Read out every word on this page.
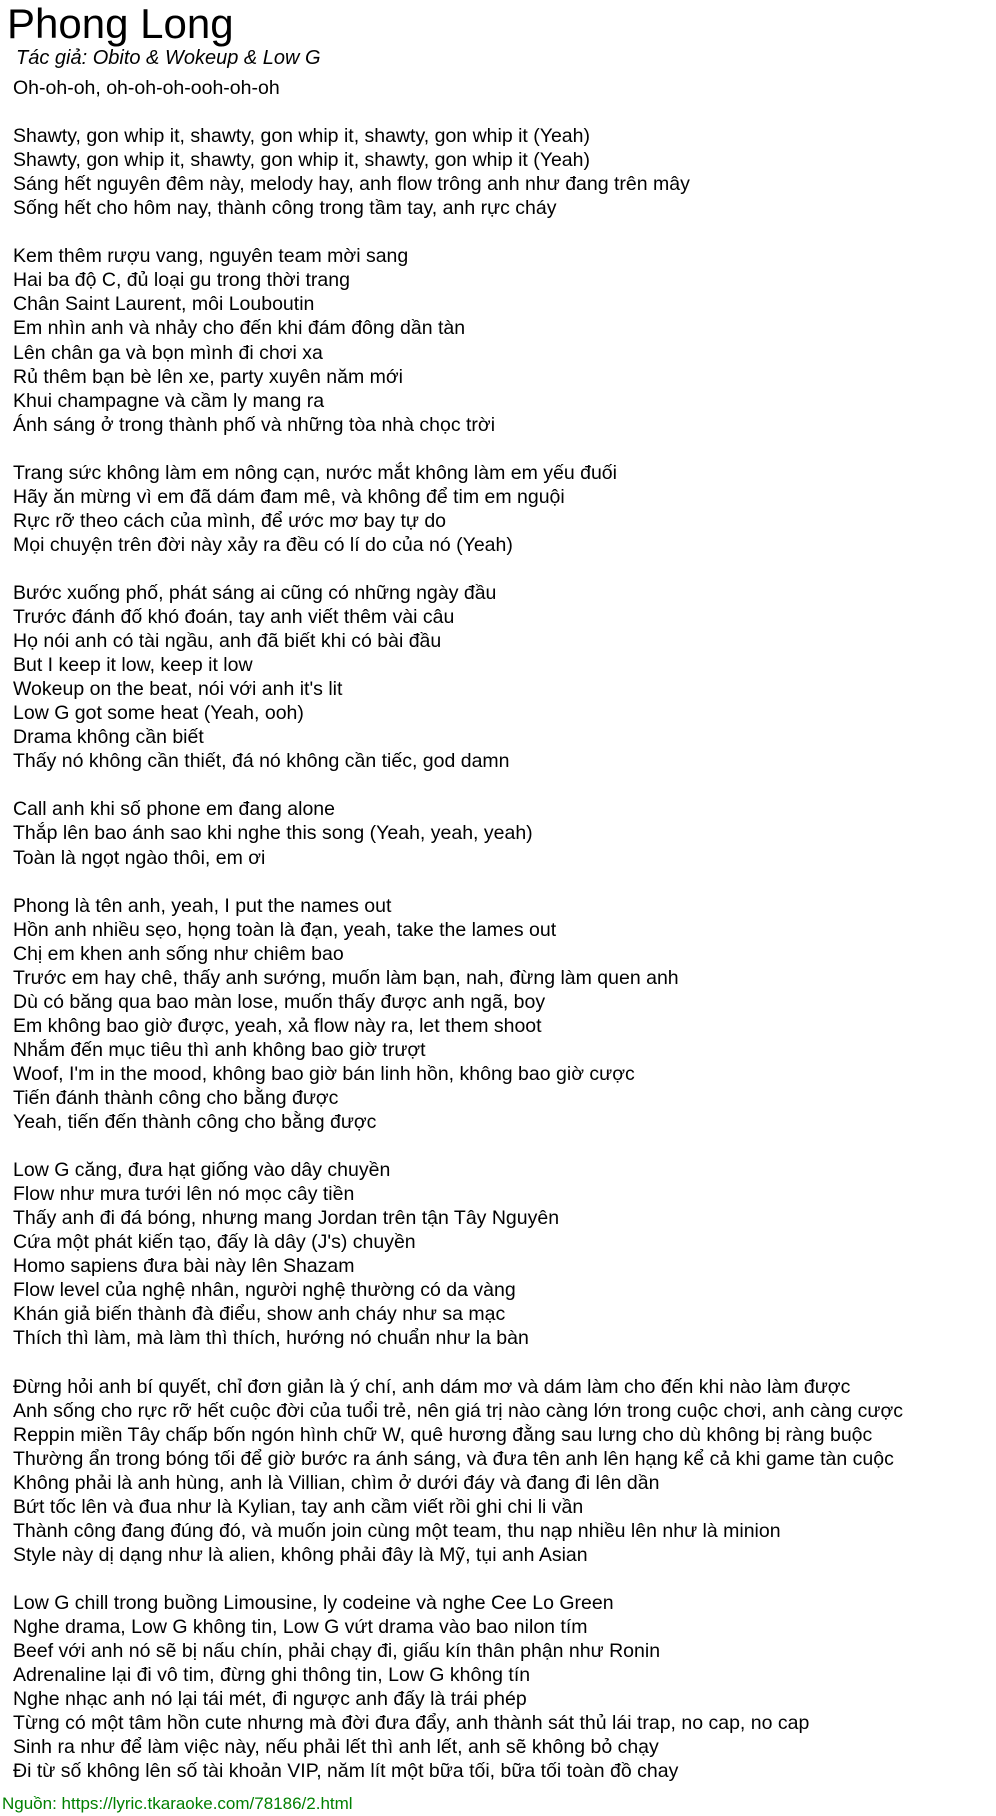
Phong Long
Tác giả: Obito & Wokeup & Low G
Oh-oh-oh, oh-oh-oh-ooh-oh-oh

Shawty, gon whip it, shawty, gon whip it, shawty, gon whip it (Yeah)
Shawty, gon whip it, shawty, gon whip it, shawty, gon whip it (Yeah)
Sáng hết nguyên đêm này, melody hay, anh flow trông anh như đang trên mây
Sống hết cho hôm nay, thành công trong tầm tay, anh rực cháy

Kem thêm rượu vang, nguyên team mời sang
Hai ba độ C, đủ loại gu trong thời trang
Chân Saint Laurent, môi Louboutin
Em nhìn anh và nhảy cho đến khi đám đông dần tàn
Lên chân ga và bọn mình đi chơi xa
Rủ thêm bạn bè lên xe, party xuyên năm mới
Khui champagne và cầm ly mang ra
Ánh sáng ở trong thành phố và những tòa nhà chọc trời

Trang sức không làm em nông cạn, nước mắt không làm em yếu đuối
Hãy ăn mừng vì em đã dám đam mê, và không để tim em nguội
Rực rỡ theo cách của mình, để ước mơ bay tự do
Mọi chuyện trên đời này xảy ra đều có lí do của nó (Yeah)

Bước xuống phố, phát sáng ai cũng có những ngày đầu
Trước đánh đố khó đoán, tay anh viết thêm vài câu
Họ nói anh có tài ngầu, anh đã biết khi có bài đầu
But I keep it low, keep it low
Wokeup on the beat, nói với anh it's lit
Low G got some heat (Yeah, ooh)
Drama không cần biết
Thấy nó không cần thiết, đá nó không cần tiếc, god damn

Call anh khi số phone em đang alone
Thắp lên bao ánh sao khi nghe this song (Yeah, yeah, yeah)
Toàn là ngọt ngào thôi, em ơi

Phong là tên anh, yeah, I put the names out
Hồn anh nhiều sẹo, họng toàn là đạn, yeah, take the lames out
Chị em khen anh sống như chiêm bao
Trước em hay chê, thấy anh sướng, muốn làm bạn, nah, đừng làm quen anh
Dù có băng qua bao màn lose, muốn thấy được anh ngã, boy
Em không bao giờ được, yeah, xả flow này ra, let them shoot
Nhắm đến mục tiêu thì anh không bao giờ trượt
Woof, I'm in the mood, không bao giờ bán linh hồn, không bao giờ cược
Tiến đánh thành công cho bằng được
Yeah, tiến đến thành công cho bằng được

Low G căng, đưa hạt giống vào dây chuyền
Flow như mưa tưới lên nó mọc cây tiền
Thấy anh đi đá bóng, nhưng mang Jordan trên tận Tây Nguyên
Cứa một phát kiến tạo, đấy là dây (J's) chuyền
Homo sapiens đưa bài này lên Shazam
Flow level của nghệ nhân, người nghệ thường có da vàng
Khán giả biến thành đà điểu, show anh cháy như sa mạc
Thích thì làm, mà làm thì thích, hướng nó chuẩn như la bàn

Đừng hỏi anh bí quyết, chỉ đơn giản là ý chí, anh dám mơ và dám làm cho đến khi nào làm được
Anh sống cho rực rỡ hết cuộc đời của tuổi trẻ, nên giá trị nào càng lớn trong cuộc chơi, anh càng cược
Reppin miền Tây chấp bốn ngón hình chữ W, quê hương đằng sau lưng cho dù không bị ràng buộc
Thường ẩn trong bóng tối để giờ bước ra ánh sáng, và đưa tên anh lên hạng kể cả khi game tàn cuộc
Không phải là anh hùng, anh là Villian, chìm ở dưới đáy và đang đi lên dần
Bứt tốc lên và đua như là Kylian, tay anh cầm viết rồi ghi chi li vần
Thành công đang đúng đó, và muốn join cùng một team, thu nạp nhiều lên như là minion
Style này dị dạng như là alien, không phải đây là Mỹ, tụi anh Asian

Low G chill trong buồng Limousine, ly codeine và nghe Cee Lo Green
Nghe drama, Low G không tin, Low G vứt drama vào bao nilon tím
Beef với anh nó sẽ bị nấu chín, phải chạy đi, giấu kín thân phận như Ronin
Adrenaline lại đi vô tim, đừng ghi thông tin, Low G không tín
Nghe nhạc anh nó lại tái mét, đi ngược anh đấy là trái phép
Từng có một tâm hồn cute nhưng mà đời đưa đẩy, anh thành sát thủ lái trap, no cap, no cap
Sinh ra như để làm việc này, nếu phải lết thì anh lết, anh sẽ không bỏ chạy
Đi từ số không lên số tài khoản VIP, năm lít một bữa tối, bữa tối toàn đồ chay
Nguồn: https://lyric.tkaraoke.com/78186/2.html
